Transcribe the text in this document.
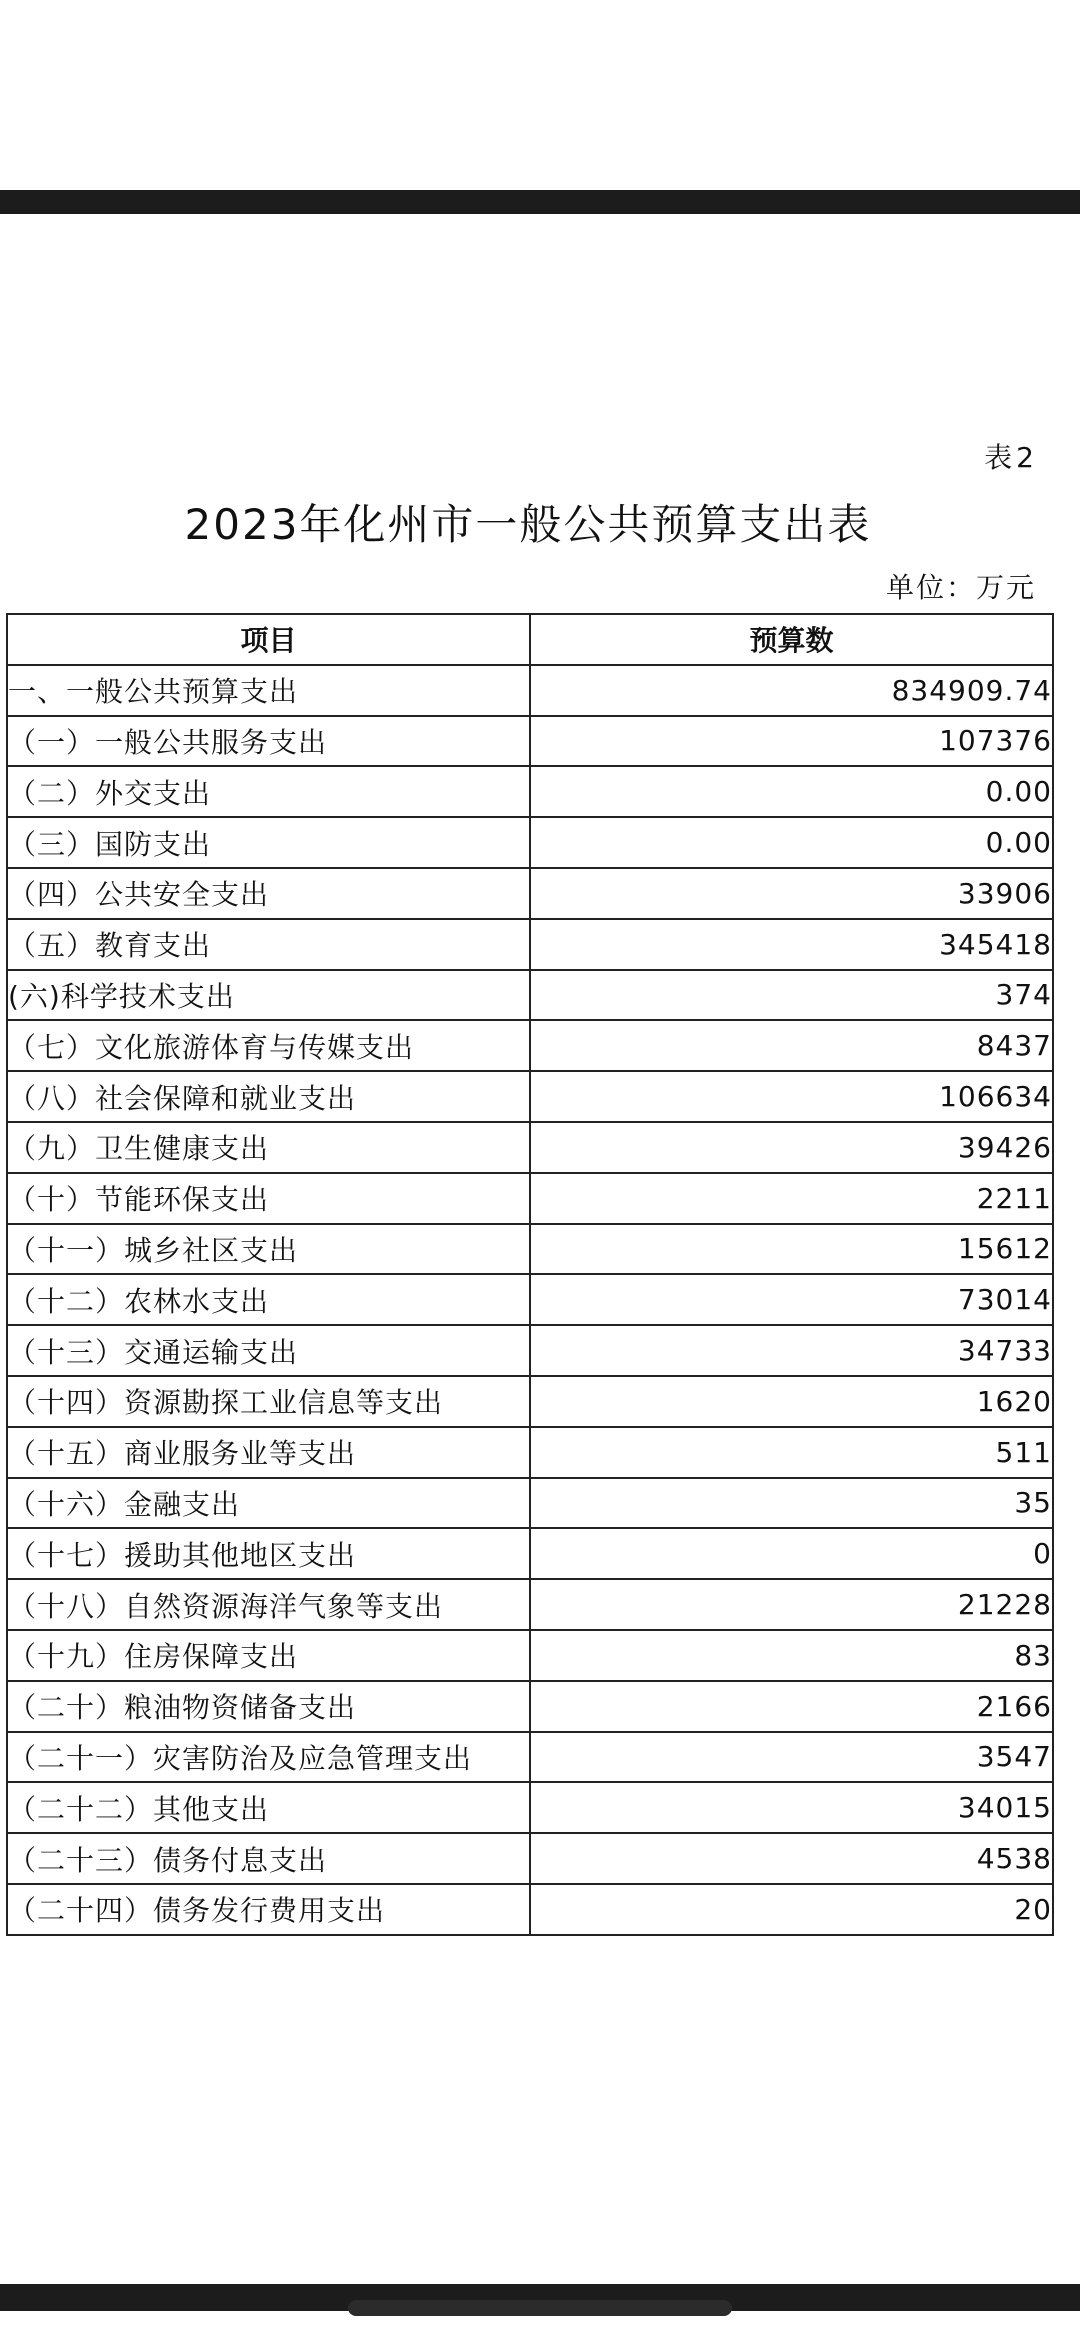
表2
2023年化州市一般公共预算支出表
单位：万元
项目	预算数
一、一般公共预算支出	834909.74
（一）一般公共服务支出	107376
（二）外交支出	0.00
（三）国防支出	0.00
（四）公共安全支出	33906
（五）教育支出	345418
(六)科学技术支出	374
（七）文化旅游体育与传媒支出	8437
（八）社会保障和就业支出	106634
（九）卫生健康支出	39426
（十）节能环保支出	2211
（十一）城乡社区支出	15612
（十二）农林水支出	73014
（十三）交通运输支出	34733
（十四）资源勘探工业信息等支出	1620
（十五）商业服务业等支出	511
（十六）金融支出	35
（十七）援助其他地区支出	0
（十八）自然资源海洋气象等支出	21228
（十九）住房保障支出	83
（二十）粮油物资储备支出	2166
（二十一）灾害防治及应急管理支出	3547
（二十二）其他支出	34015
（二十三）债务付息支出	4538
（二十四）债务发行费用支出	20
